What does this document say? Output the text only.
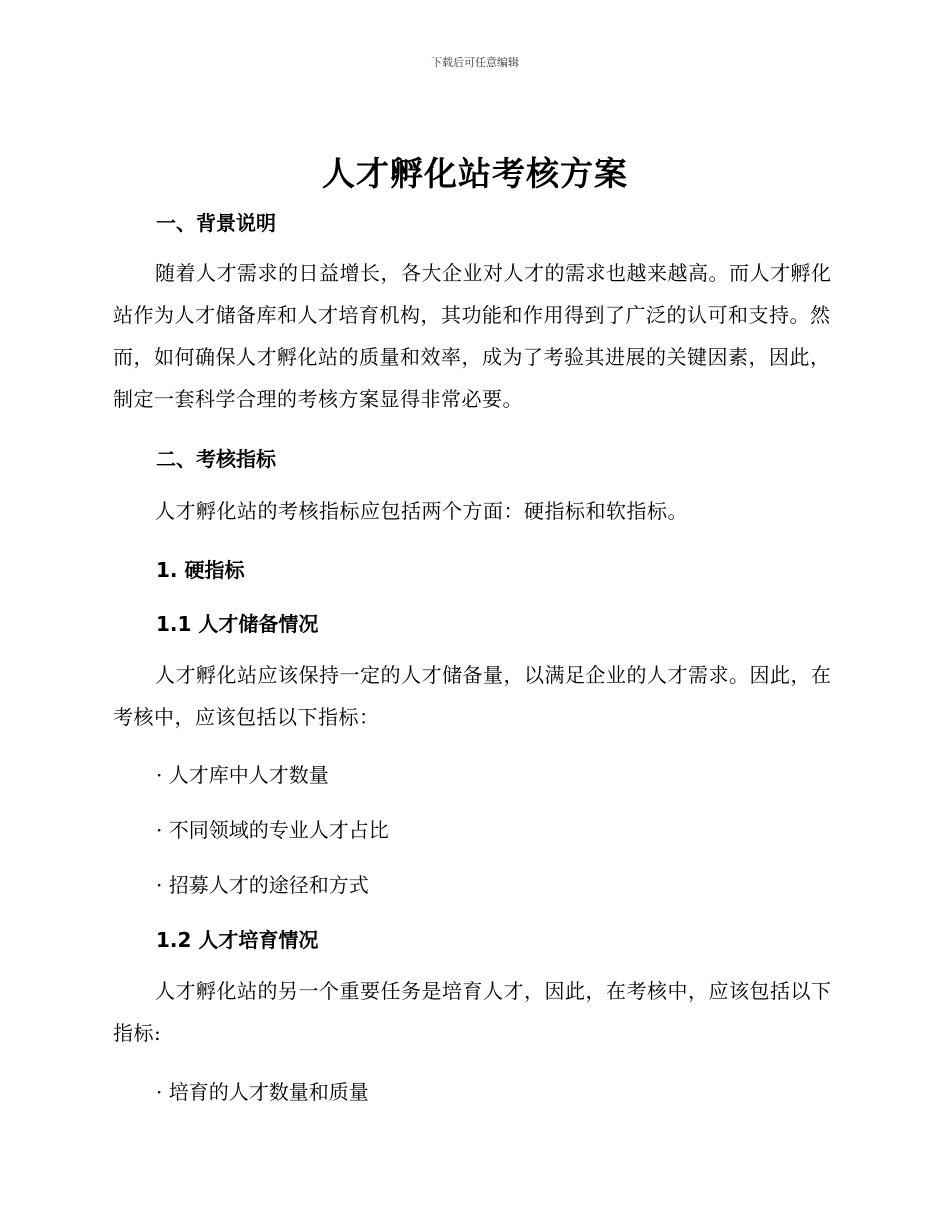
下载后可任意编辑
人才孵化站考核方案
一、背景说明
随着人才需求的日益增长，各大企业对人才的需求也越来越高。而人才孵化站作为人才储备库和人才培育机构，其功能和作用得到了广泛的认可和支持。然而，如何确保人才孵化站的质量和效率，成为了考验其进展的关键因素，因此，制定一套科学合理的考核方案显得非常必要。
二、考核指标
人才孵化站的考核指标应包括两个方面：硬指标和软指标。
1. 硬指标
1.1 人才储备情况
人才孵化站应该保持一定的人才储备量，以满足企业的人才需求。因此，在考核中，应该包括以下指标：
· 人才库中人才数量
· 不同领域的专业人才占比
· 招募人才的途径和方式
1.2 人才培育情况
人才孵化站的另一个重要任务是培育人才，因此，在考核中，应该包括以下指标:
· 培育的人才数量和质量
